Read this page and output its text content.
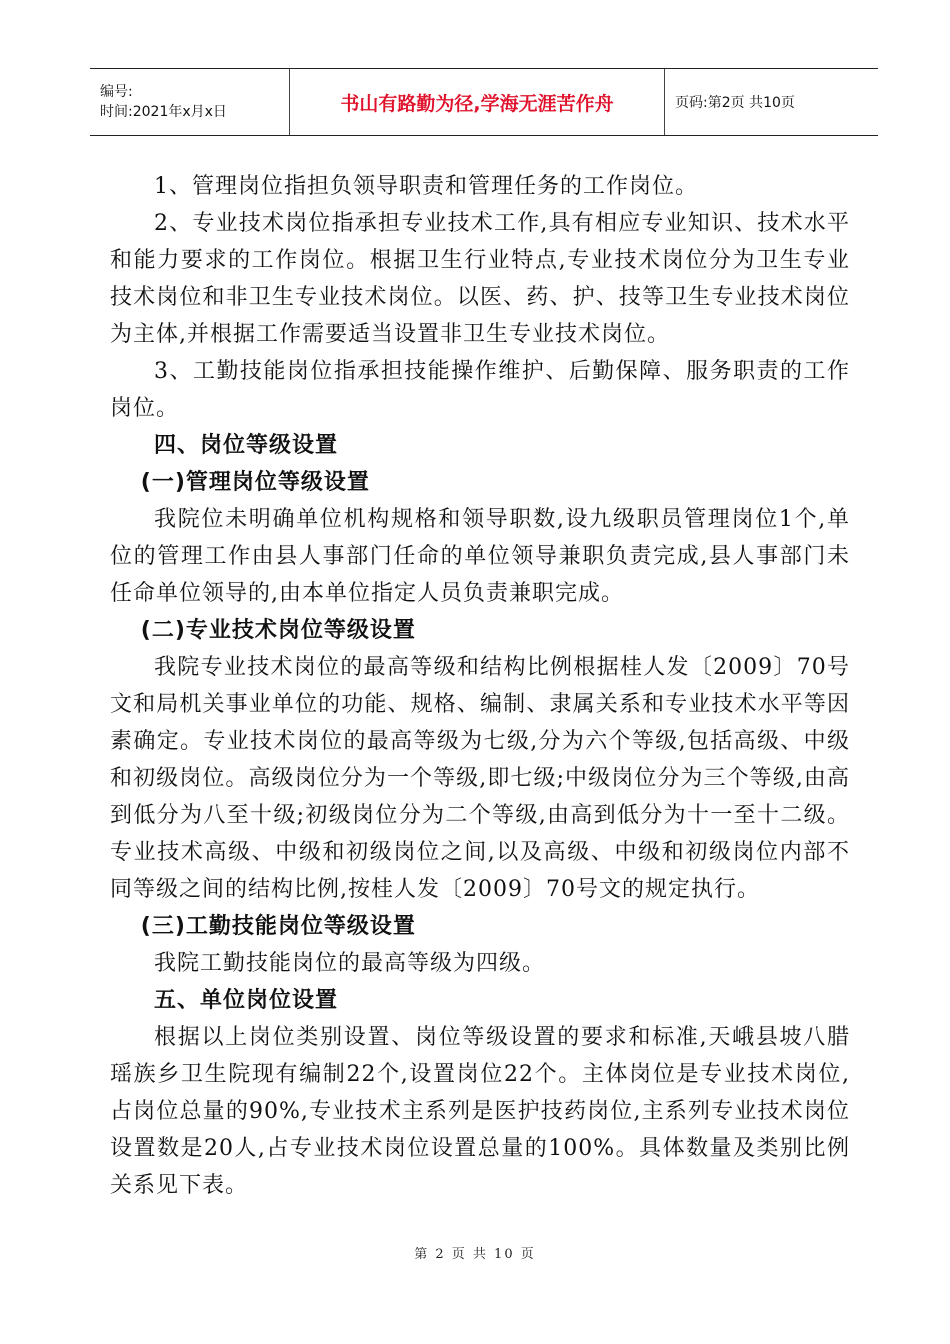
编号:
时间:2021年x月x日	书山有路勤为径,学海无涯苦作舟	页码:第2页 共10页

1、管理岗位指担负领导职责和管理任务的工作岗位。

2、专业技术岗位指承担专业技术工作,具有相应专业知识、技术水平和能力要求的工作岗位。根据卫生行业特点,专业技术岗位分为卫生专业技术岗位和非卫生专业技术岗位。以医、药、护、技等卫生专业技术岗位为主体,并根据工作需要适当设置非卫生专业技术岗位。

3、工勤技能岗位指承担技能操作维护、后勤保障、服务职责的工作岗位。

四、岗位等级设置

(一)管理岗位等级设置

我院位未明确单位机构规格和领导职数,设九级职员管理岗位1个,单位的管理工作由县人事部门任命的单位领导兼职负责完成,县人事部门未任命单位领导的,由本单位指定人员负责兼职完成。

(二)专业技术岗位等级设置

我院专业技术岗位的最高等级和结构比例根据桂人发〔2009〕70号文和局机关事业单位的功能、规格、编制、隶属关系和专业技术水平等因素确定。专业技术岗位的最高等级为七级,分为六个等级,包括高级、中级和初级岗位。高级岗位分为一个等级,即七级;中级岗位分为三个等级,由高到低分为八至十级;初级岗位分为二个等级,由高到低分为十一至十二级。专业技术高级、中级和初级岗位之间,以及高级、中级和初级岗位内部不同等级之间的结构比例,按桂人发〔2009〕70号文的规定执行。

(三)工勤技能岗位等级设置

我院工勤技能岗位的最高等级为四级。

五、单位岗位设置

根据以上岗位类别设置、岗位等级设置的要求和标准,天峨县坡八腊瑶族乡卫生院现有编制22个,设置岗位22个。主体岗位是专业技术岗位,占岗位总量的90%,专业技术主系列是医护技药岗位,主系列专业技术岗位设置数是20人,占专业技术岗位设置总量的100%。具体数量及类别比例关系见下表。

第 2 页 共 10 页
